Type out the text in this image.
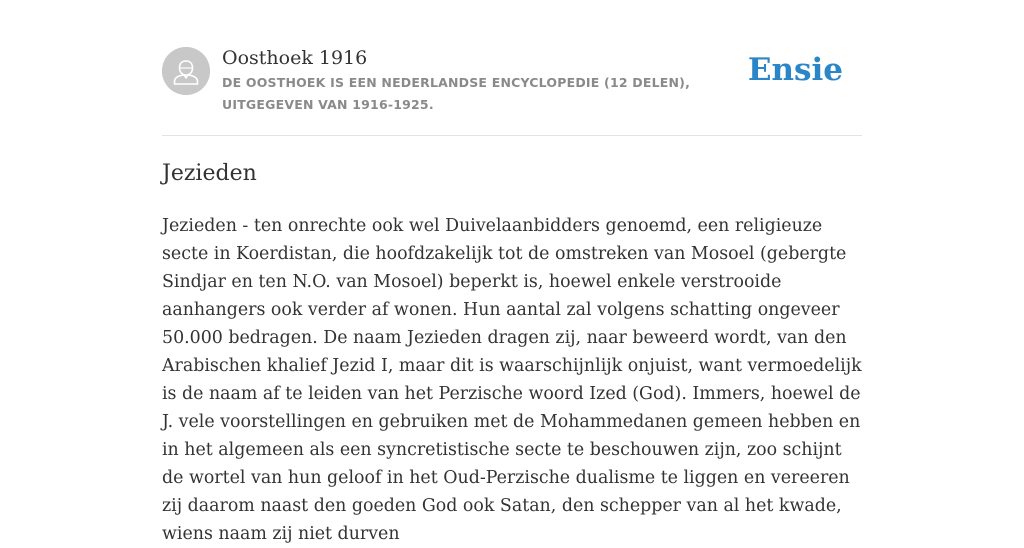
Oosthoek 1916
DE OOSTHOEK IS EEN NEDERLANDSE ENCYCLOPEDIE (12 DELEN), UITGEGEVEN VAN 1916-1925.
Ensie
Jezieden

Jezieden - ten onrechte ook wel Duivelaanbidders genoemd, een religieuze secte in Koerdistan, die hoofdzakelijk tot de omstreken van Mosoel (gebergte Sindjar en ten N.O. van Mosoel) beperkt is, hoewel enkele verstrooide aanhangers ook verder af wonen. Hun aantal zal volgens schatting ongeveer 50.000 bedragen. De naam Jezieden dragen zij, naar beweerd wordt, van den Arabischen khalief Jezid I, maar dit is waarschijnlijk onjuist, want vermoedelijk is de naam af te leiden van het Perzische woord Ized (God). Immers, hoewel de J. vele voorstellingen en gebruiken met de Mohammedanen gemeen hebben en in het algemeen als een syncretistische secte te beschouwen zijn, zoo schijnt de wortel van hun geloof in het Oud-Perzische dualisme te liggen en vereeren zij daarom naast den goeden God ook Satan, den schepper van al het kwade, wiens naam zij niet durven
